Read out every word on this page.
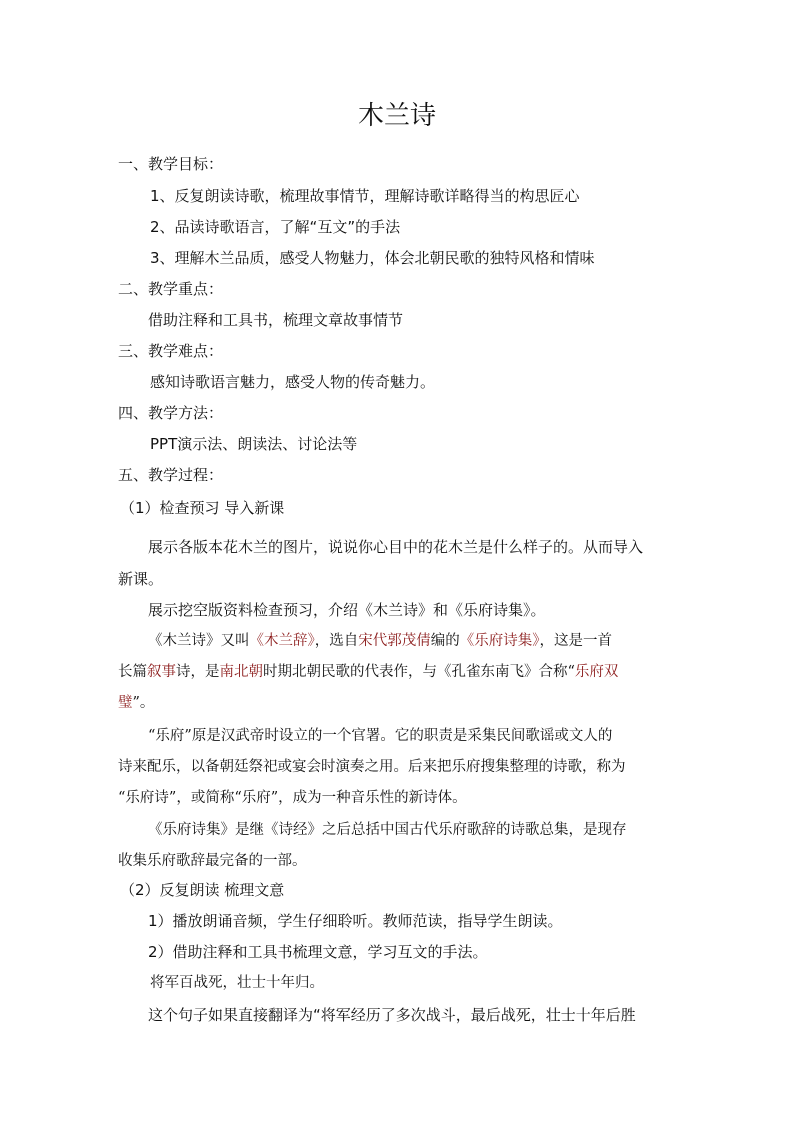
木兰诗
一、教学目标：
1、反复朗读诗歌，梳理故事情节，理解诗歌详略得当的构思匠心
2、品读诗歌语言，了解“互文”的手法
3、理解木兰品质，感受人物魅力，体会北朝民歌的独特风格和情味
二、教学重点：
借助注释和工具书，梳理文章故事情节
三、教学难点：
感知诗歌语言魅力，感受人物的传奇魅力。
四、教学方法：
PPT演示法、朗读法、讨论法等
五、教学过程：
（1）检查预习 导入新课
展示各版本花木兰的图片，说说你心目中的花木兰是什么样子的。从而导入
新课。
展示挖空版资料检查预习，介绍《木兰诗》和《乐府诗集》。
《木兰诗》又叫《木兰辞》，选自宋代郭茂倩编的《乐府诗集》，这是一首
长篇叙事诗，是南北朝时期北朝民歌的代表作，与《孔雀东南飞》合称“乐府双
璧”。
“乐府”原是汉武帝时设立的一个官署。它的职责是采集民间歌谣或文人的
诗来配乐，以备朝廷祭祀或宴会时演奏之用。后来把乐府搜集整理的诗歌，称为
“乐府诗”，或简称“乐府”，成为一种音乐性的新诗体。
《乐府诗集》是继《诗经》之后总括中国古代乐府歌辞的诗歌总集，是现存
收集乐府歌辞最完备的一部。
（2）反复朗读 梳理文意
1）播放朗诵音频，学生仔细聆听。教师范读，指导学生朗读。
2）借助注释和工具书梳理文意，学习互文的手法。
将军百战死，壮士十年归。
这个句子如果直接翻译为“将军经历了多次战斗，最后战死，壮士十年后胜
